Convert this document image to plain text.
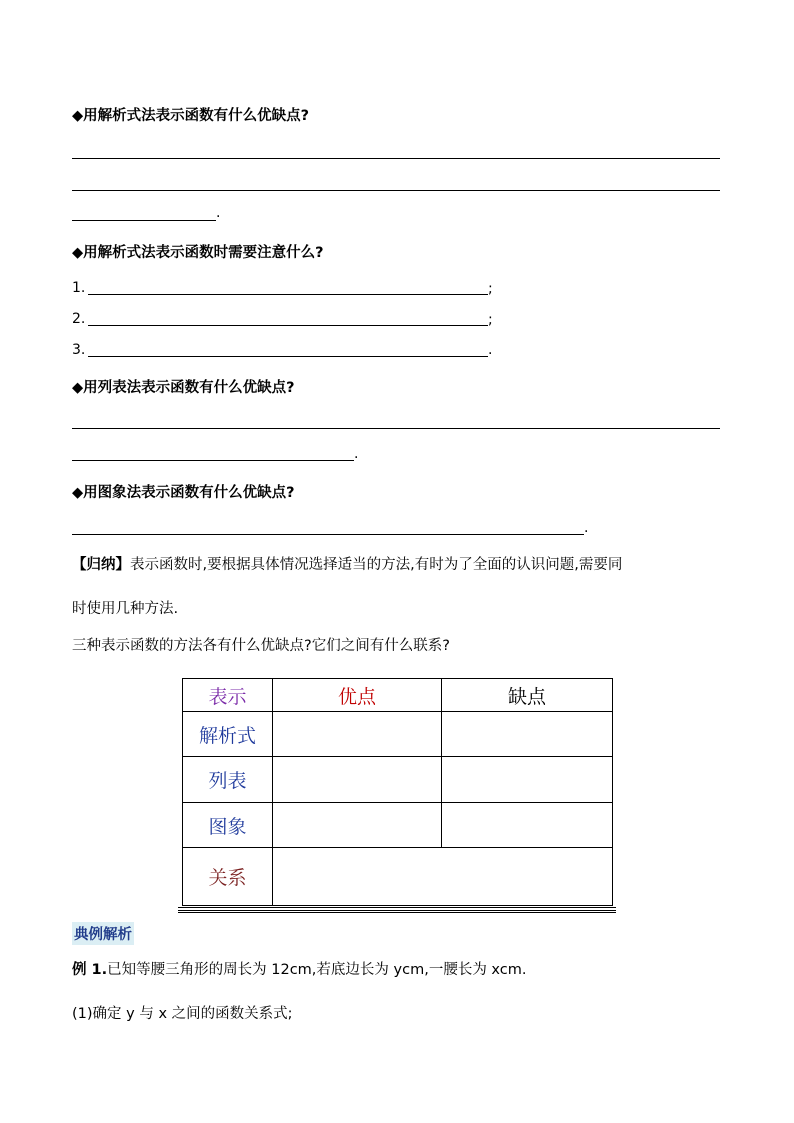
◆用解析式法表示函数有什么优缺点?
.
◆用解析式法表示函数时需要注意什么?
1.	;
2.	;
3.	.
◆用列表法表示函数有什么优缺点?
.
◆用图象法表示函数有什么优缺点?
.
【归纳】表示函数时,要根据具体情况选择适当的方法,有时为了全面的认识问题,需要同
时使用几种方法.
三种表示函数的方法各有什么优缺点?它们之间有什么联系?
表示	优点	缺点
解析式		
列表		
图象		
关系		
典例解析
例 1.已知等腰三角形的周长为 12cm,若底边长为 ycm,一腰长为 xcm.
(1)确定 y 与 x 之间的函数关系式;
